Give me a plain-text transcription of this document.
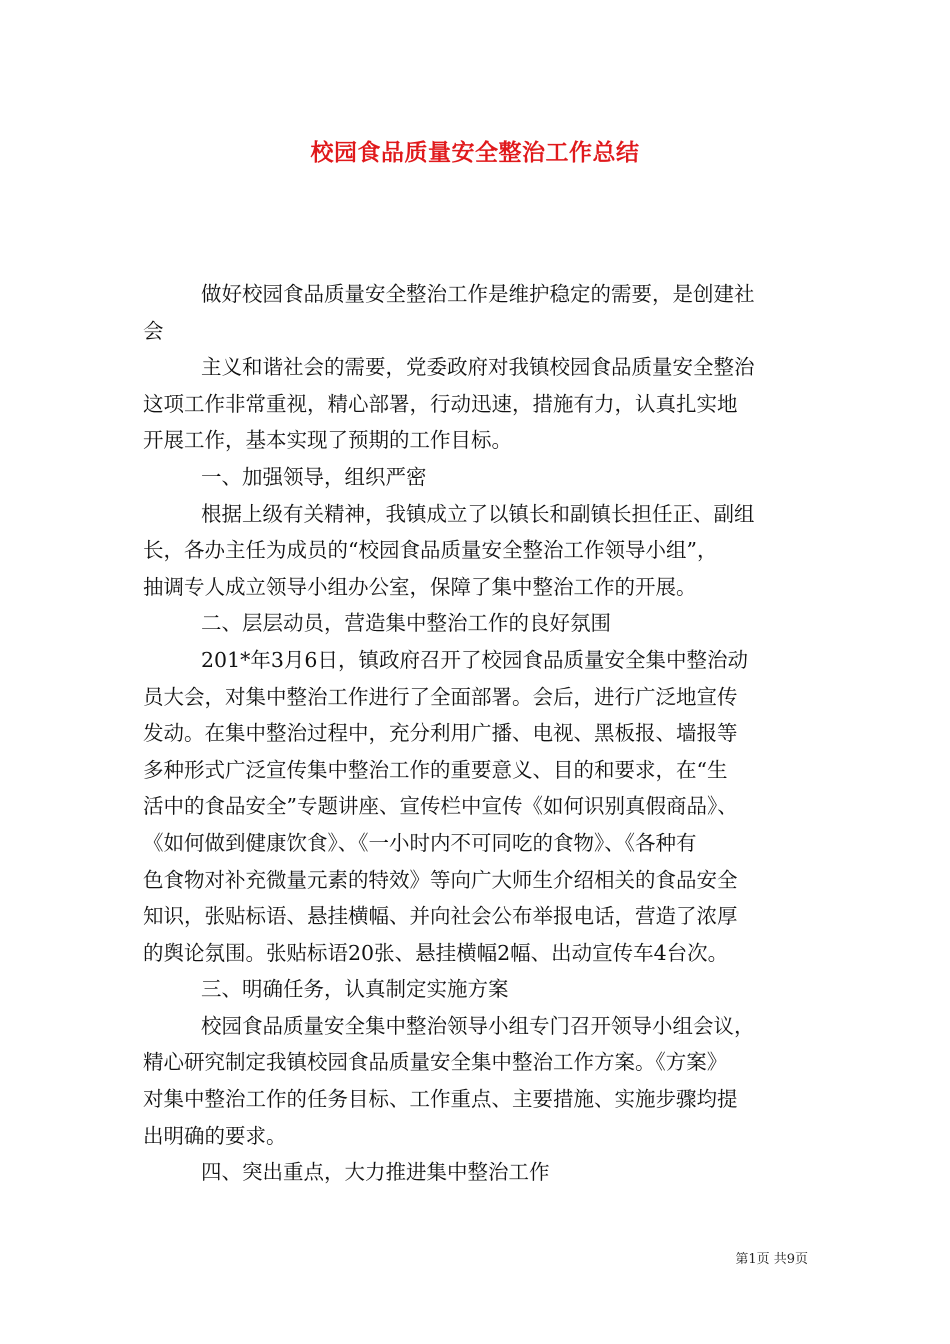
校园食品质量安全整治工作总结
做好校园食品质量安全整治工作是维护稳定的需要，是创建社
会
主义和谐社会的需要，党委政府对我镇校园食品质量安全整治
这项工作非常重视，精心部署，行动迅速，措施有力，认真扎实地
开展工作，基本实现了预期的工作目标。
一、加强领导，组织严密
根据上级有关精神，我镇成立了以镇长和副镇长担任正、副组
长，各办主任为成员的“校园食品质量安全整治工作领导小组”，
抽调专人成立领导小组办公室，保障了集中整治工作的开展。
二、层层动员，营造集中整治工作的良好氛围
201*年3月6日，镇政府召开了校园食品质量安全集中整治动
员大会，对集中整治工作进行了全面部署。会后，进行广泛地宣传
发动。在集中整治过程中，充分利用广播、电视、黑板报、墙报等
多种形式广泛宣传集中整治工作的重要意义、目的和要求，在“生
活中的食品安全”专题讲座、宣传栏中宣传《如何识别真假商品》、
《如何做到健康饮食》、《一小时内不可同吃的食物》、《各种有
色食物对补充微量元素的特效》等向广大师生介绍相关的食品安全
知识，张贴标语、悬挂横幅、并向社会公布举报电话，营造了浓厚
的舆论氛围。张贴标语20张、悬挂横幅2幅、出动宣传车4台次。
三、明确任务，认真制定实施方案
校园食品质量安全集中整治领导小组专门召开领导小组会议，
精心研究制定我镇校园食品质量安全集中整治工作方案。《方案》
对集中整治工作的任务目标、工作重点、主要措施、实施步骤均提
出明确的要求。
四、突出重点，大力推进集中整治工作
第1页 共9页
